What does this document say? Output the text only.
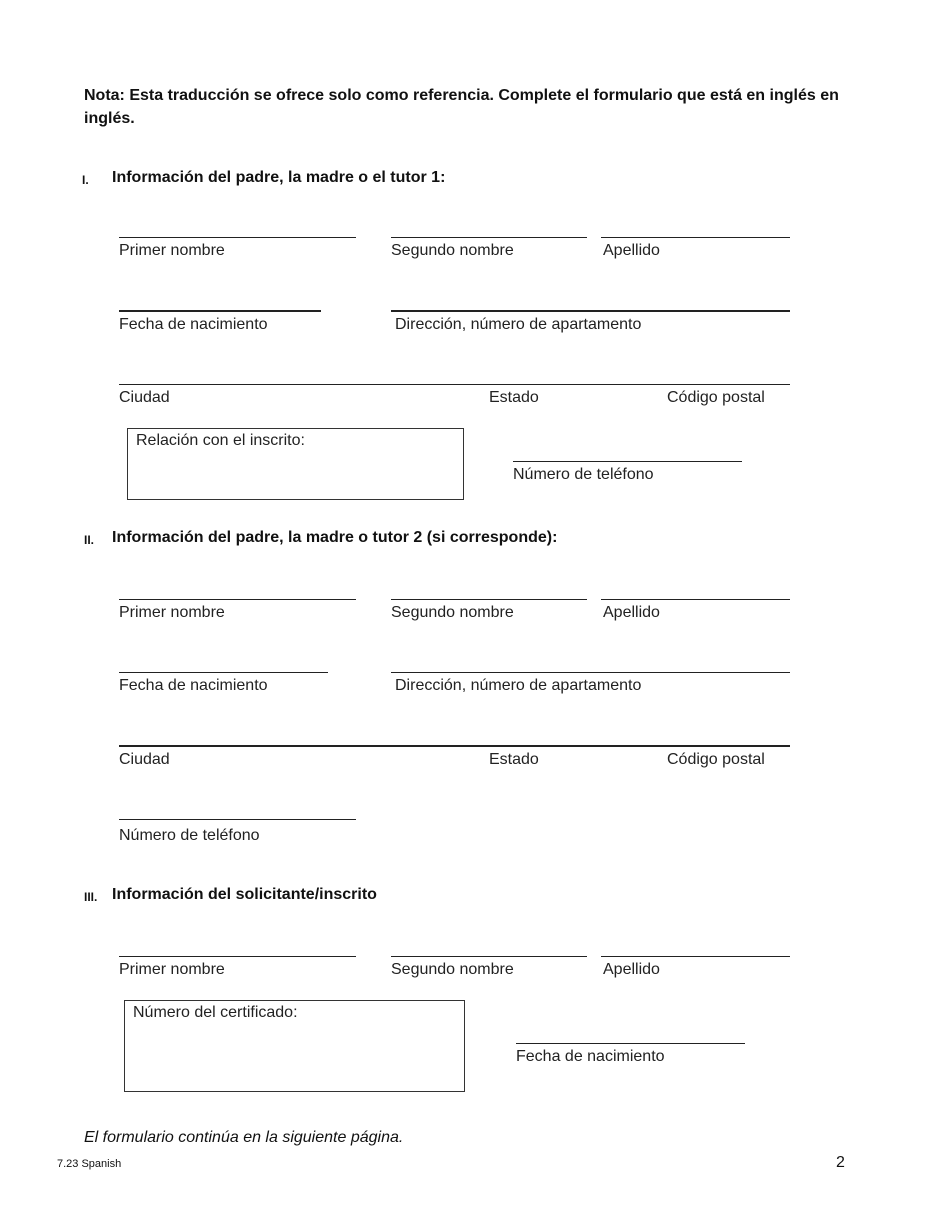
Nota: Esta traducción se ofrece solo como referencia. Complete el formulario que está en inglés en inglés.
I. Información del padre, la madre o el tutor 1:
Primer nombre	Segundo nombre	Apellido
Fecha de nacimiento	Dirección, número de apartamento
Ciudad	Estado	Código postal
Relación con el inscrito:
Número de teléfono
II. Información del padre, la madre o tutor 2 (si corresponde):
Primer nombre	Segundo nombre	Apellido
Fecha de nacimiento	Dirección, número de apartamento
Ciudad	Estado	Código postal
Número de teléfono
III. Información del solicitante/inscrito
Primer nombre	Segundo nombre	Apellido
Número del certificado:
Fecha de nacimiento
El formulario continúa en la siguiente página.
7.23 Spanish	2
